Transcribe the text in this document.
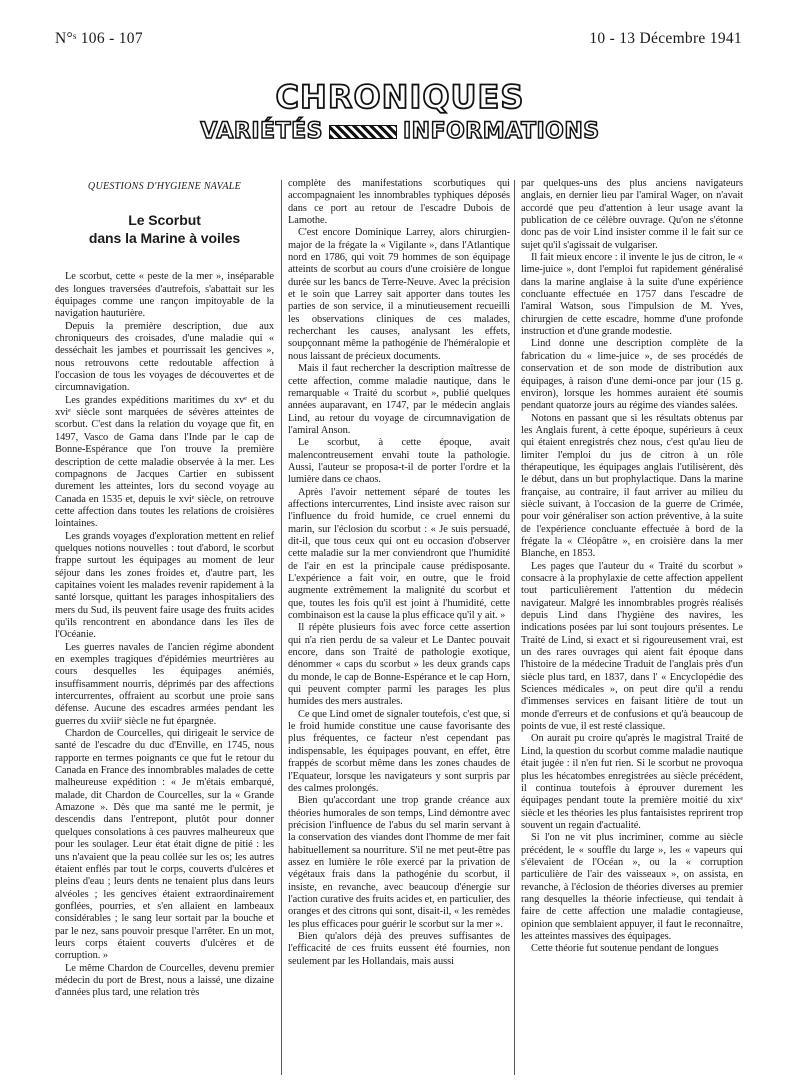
N°ˢ 106 - 107	10 - 13 Décembre 1941
CHRONIQUES
VARIÉTÉS	INFORMATIONS
QUESTIONS D'HYGIENE NAVALE
Le Scorbut
dans la Marine à voiles

Le scorbut, cette « peste de la mer », inséparable des longues traversées d'autrefois, s'abattait sur les équipages comme une rançon impitoyable de la navigation hauturière.

Depuis la première description, due aux chroniqueurs des croisades, d'une maladie qui « desséchait les jambes et pourrissait les gencives », nous retrouvons cette redoutable affection à l'occasion de tous les voyages de découvertes et de circumnavigation.

Les grandes expéditions maritimes du xvᵉ et du xviᵉ siècle sont marquées de sévères atteintes de scorbut. C'est dans la relation du voyage que fit, en 1497, Vasco de Gama dans l'Inde par le cap de Bonne-Espérance que l'on trouve la première description de cette maladie observée à la mer. Les compagnons de Jacques Cartier en subissent durement les atteintes, lors du second voyage au Canada en 1535 et, depuis le xviᵉ siècle, on retrouve cette affection dans toutes les relations de croisières lointaines.

Les grands voyages d'exploration mettent en relief quelques notions nouvelles : tout d'abord, le scorbut frappe surtout les équipages au moment de leur séjour dans les zones froides et, d'autre part, les capitaines voient les malades revenir rapidement à la santé lorsque, quittant les parages inhospitaliers des mers du Sud, ils peuvent faire usage des fruits acides qu'ils rencontrent en abondance dans les îles de l'Océanie.

Les guerres navales de l'ancien régime abondent en exemples tragiques d'épidémies meurtrières au cours desquelles les équipages anémiés, insuffisamment nourris, déprimés par des affections intercurrentes, offraient au scorbut une proie sans défense. Aucune des escadres armées pendant les guerres du xviiiᵉ siècle ne fut épargnée.

Chardon de Courcelles, qui dirigeait le service de santé de l'escadre du duc d'Enville, en 1745, nous rapporte en termes poignants ce que fut le retour du Canada en France des innombrables malades de cette malheureuse expédition : « Je m'étais embarqué, malade, dit Chardon de Courcelles, sur la « Grande Amazone ». Dès que ma santé me le permit, je descendis dans l'entrepont, plutôt pour donner quelques consolations à ces pauvres malheureux que pour les soulager. Leur état était digne de pitié : les uns n'avaient que la peau collée sur les os; les autres étaient enflés par tout le corps, couverts d'ulcères et pleins d'eau ; leurs dents ne tenaient plus dans leurs alvéoles ; les gencives étaient extraordinairement gonflées, pourries, et s'en allaient en lambeaux considérables ; le sang leur sortait par la bouche et par le nez, sans pouvoir presque l'arrêter. En un mot, leurs corps étaient couverts d'ulcères et de corruption. »

Le même Chardon de Courcelles, devenu premier médecin du port de Brest, nous a laissé, une dizaine d'années plus tard, une relation très

complète des manifestations scorbutiques qui accompagnaient les innombrables typhiques déposés dans ce port au retour de l'escadre Dubois de Lamothe.

C'est encore Dominique Larrey, alors chirurgien-major de la frégate la « Vigilante », dans l'Atlantique nord en 1786, qui voit 79 hommes de son équipage atteints de scorbut au cours d'une croisière de longue durée sur les bancs de Terre-Neuve. Avec la précision et le soin que Larrey sait apporter dans toutes les parties de son service, il a minutieusement recueilli les observations cliniques de ces malades, recherchant les causes, analysant les effets, soupçonnant même la pathogénie de l'héméralopie et nous laissant de précieux documents.

Mais il faut rechercher la description maîtresse de cette affection, comme maladie nautique, dans le remarquable « Traité du scorbut », publié quelques années auparavant, en 1747, par le médecin anglais Lind, au retour du voyage de circumnavigation de l'amiral Anson.

Le scorbut, à cette époque, avait malencontreusement envahi toute la pathologie. Aussi, l'auteur se proposa-t-il de porter l'ordre et la lumière dans ce chaos.

Après l'avoir nettement séparé de toutes les affections intercurrentes, Lind insiste avec raison sur l'influence du froid humide, ce cruel ennemi du marin, sur l'éclosion du scorbut : « Je suis persuadé, dit-il, que tous ceux qui ont eu occasion d'observer cette maladie sur la mer conviendront que l'humidité de l'air en est la principale cause prédisposante. L'expérience a fait voir, en outre, que le froid augmente extrêmement la malignité du scorbut et que, toutes les fois qu'il est joint à l'humidité, cette combinaison est la cause la plus efficace qu'il y ait. »

Il répète plusieurs fois avec force cette assertion qui n'a rien perdu de sa valeur et Le Dantec pouvait encore, dans son Traité de pathologie exotique, dénommer « caps du scorbut » les deux grands caps du monde, le cap de Bonne-Espérance et le cap Horn, qui peuvent compter parmi les parages les plus humides des mers australes.

Ce que Lind omet de signaler toutefois, c'est que, si le froid humide constitue une cause favorisante des plus fréquentes, ce facteur n'est cependant pas indispensable, les équipages pouvant, en effet, être frappés de scorbut même dans les zones chaudes de l'Equateur, lorsque les navigateurs y sont surpris par des calmes prolongés.

Bien qu'accordant une trop grande créance aux théories humorales de son temps, Lind démontre avec précision l'influence de l'abus du sel marin servant à la conservation des viandes dont l'homme de mer fait habituellement sa nourriture. S'il ne met peut-être pas assez en lumière le rôle exercé par la privation de végétaux frais dans la pathogénie du scorbut, il insiste, en revanche, avec beaucoup d'énergie sur l'action curative des fruits acides et, en particulier, des oranges et des citrons qui sont, disait-il, « les remèdes les plus efficaces pour guérir le scorbut sur la mer ».

Bien qu'alors déjà des preuves suffisantes de l'efficacité de ces fruits eussent été fournies, non seulement par les Hollandais, mais aussi

par quelques-uns des plus anciens navigateurs anglais, en dernier lieu par l'amiral Wager, on n'avait accordé que peu d'attention à leur usage avant la publication de ce célèbre ouvrage. Qu'on ne s'étonne donc pas de voir Lind insister comme il le fait sur ce sujet qu'il s'agissait de vulgariser.

Il fait mieux encore : il invente le jus de citron, le « lime-juice », dont l'emploi fut rapidement généralisé dans la marine anglaise à la suite d'une expérience concluante effectuée en 1757 dans l'escadre de l'amiral Watson, sous l'impulsion de M. Yves, chirurgien de cette escadre, homme d'une profonde instruction et d'une grande modestie.

Lind donne une description complète de la fabrication du « lime-juice », de ses procédés de conservation et de son mode de distribution aux équipages, à raison d'une demi-once par jour (15 g. environ), lorsque les hommes auraient été soumis pendant quatorze jours au régime des viandes salées.

Notons en passant que si les résultats obtenus par les Anglais furent, à cette époque, supérieurs à ceux qui étaient enregistrés chez nous, c'est qu'au lieu de limiter l'emploi du jus de citron à un rôle thérapeutique, les équipages anglais l'utilisèrent, dès le début, dans un but prophylactique. Dans la marine française, au contraire, il faut arriver au milieu du siècle suivant, à l'occasion de la guerre de Crimée, pour voir généraliser son action préventive, à la suite de l'expérience concluante effectuée à bord de la frégate la « Cléopâtre », en croisière dans la mer Blanche, en 1853.

Les pages que l'auteur du « Traité du scorbut » consacre à la prophylaxie de cette affection appellent tout particulièrement l'attention du médecin navigateur. Malgré les innombrables progrès réalisés depuis Lind dans l'hygiène des navires, les indications posées par lui sont toujours présentes. Le Traité de Lind, si exact et si rigoureusement vrai, est un des rares ouvrages qui aient fait époque dans l'histoire de la médecine Traduit de l'anglais près d'un siècle plus tard, en 1837, dans l' « Encyclopédie des Sciences médicales », on peut dire qu'il a rendu d'immenses services en faisant litière de tout un monde d'erreurs et de confusions et qu'à beaucoup de points de vue, il est resté classique.

On aurait pu croire qu'après le magistral Traité de Lind, la question du scorbut comme maladie nautique était jugée : il n'en fut rien. Si le scorbut ne provoqua plus les hécatombes enregistrées au siècle précédent, il continua toutefois à éprouver durement les équipages pendant toute la première moitié du xixᵉ siècle et les théories les plus fantaisistes reprirent trop souvent un regain d'actualité.

Si l'on ne vit plus incriminer, comme au siècle précédent, le « souffle du large », les « vapeurs qui s'élevaient de l'Océan », ou la « corruption particulière de l'air des vaisseaux », on assista, en revanche, à l'éclosion de théories diverses au premier rang desquelles la théorie infectieuse, qui tendait à faire de cette affection une maladie contagieuse, opinion que semblaient appuyer, il faut le reconnaître, les atteintes massives des équipages.

Cette théorie fut soutenue pendant de longues
